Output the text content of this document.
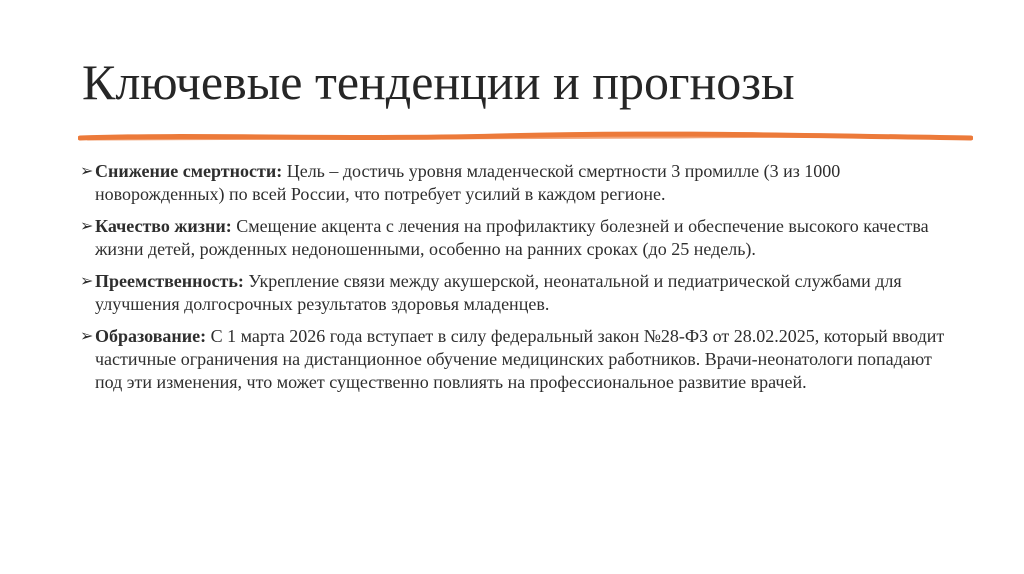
Ключевые тенденции и прогнозы
➢ Снижение смертности: Цель – достичь уровня младенческой смертности 3 промилле (3 из 1000 новорожденных) по всей России, что потребует усилий в каждом регионе.
➢ Качество жизни: Смещение акцента с лечения на профилактику болезней и обеспечение высокого качества жизни детей, рожденных недоношенными, особенно на ранних сроках (до 25 недель).
➢ Преемственность: Укрепление связи между акушерской, неонатальной и педиатрической службами для улучшения долгосрочных результатов здоровья младенцев.
➢ Образование: С 1 марта 2026 года вступает в силу федеральный закон №28-ФЗ от 28.02.2025, который вводит частичные ограничения на дистанционное обучение медицинских работников. Врачи-неонатологи попадают под эти изменения, что может существенно повлиять на профессиональное развитие врачей.
